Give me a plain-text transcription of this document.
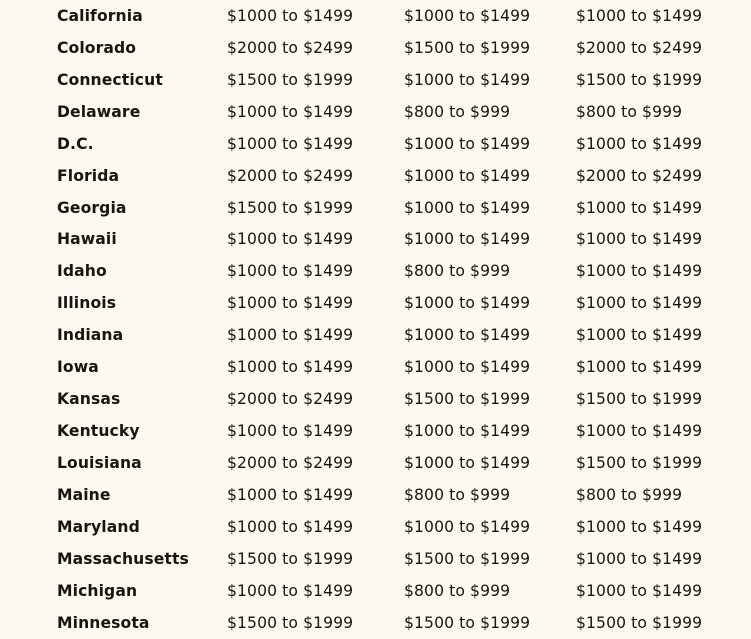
California	$1000 to $1499	$1000 to $1499	$1000 to $1499
Colorado	$2000 to $2499	$1500 to $1999	$2000 to $2499
Connecticut	$1500 to $1999	$1000 to $1499	$1500 to $1999
Delaware	$1000 to $1499	$800 to $999	$800 to $999
D.C.	$1000 to $1499	$1000 to $1499	$1000 to $1499
Florida	$2000 to $2499	$1000 to $1499	$2000 to $2499
Georgia	$1500 to $1999	$1000 to $1499	$1000 to $1499
Hawaii	$1000 to $1499	$1000 to $1499	$1000 to $1499
Idaho	$1000 to $1499	$800 to $999	$1000 to $1499
Illinois	$1000 to $1499	$1000 to $1499	$1000 to $1499
Indiana	$1000 to $1499	$1000 to $1499	$1000 to $1499
Iowa	$1000 to $1499	$1000 to $1499	$1000 to $1499
Kansas	$2000 to $2499	$1500 to $1999	$1500 to $1999
Kentucky	$1000 to $1499	$1000 to $1499	$1000 to $1499
Louisiana	$2000 to $2499	$1000 to $1499	$1500 to $1999
Maine	$1000 to $1499	$800 to $999	$800 to $999
Maryland	$1000 to $1499	$1000 to $1499	$1000 to $1499
Massachusetts $1500 to $1999	$1500 to $1999	$1000 to $1499
Michigan	$1000 to $1499	$800 to $999	$1000 to $1499
Minnesota	$1500 to $1999	$1500 to $1999	$1500 to $1999
